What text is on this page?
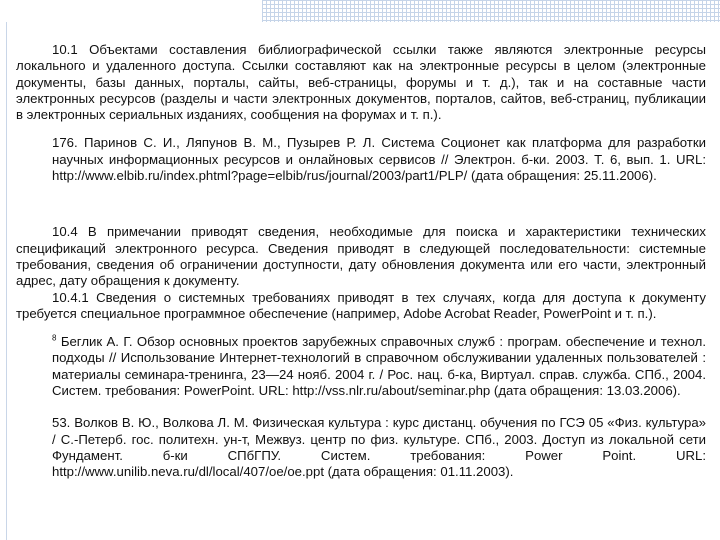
10.1 Объектами составления библиографической ссылки также являются электронные ресурсы локального и удаленного доступа. Ссылки составляют как на электронные ресурсы в целом (электронные документы, базы данных, порталы, сайты, веб-страницы, форумы и т. д.), так и на составные части электронных ресурсов (разделы и части электронных документов, порталов, сайтов, веб-страниц, публикации в электронных сериальных изданиях, сообщения на форумах и т. п.).

176. Паринов С. И., Ляпунов В. М., Пузырев Р. Л. Система Соционет как платформа для разработки научных информационных ресурсов и онлайновых сервисов // Электрон. б-ки. 2003. Т. 6, вып. 1. URL: http://www.elbib.ru/index.phtml?page=elbib/rus/journal/2003/part1/PLP/ (дата обращения: 25.11.2006).

10.4 В примечании приводят сведения, необходимые для поиска и характеристики технических спецификаций электронного ресурса. Сведения приводят в следующей последовательности: системные требования, сведения об ограничении доступности, дату обновления документа или его части, электронный адрес, дату обращения к документу.

10.4.1 Сведения о системных требованиях приводят в тех случаях, когда для доступа к документу требуется специальное программное обеспечение (например, Adobe Acrobat Reader, PowerPoint и т. п.).

$^8$ Беглик А. Г. Обзор основных проектов зарубежных справочных служб : програм. обеспечение и технол. подходы // Использование Интернет-технологий в справочном обслуживании удаленных пользователей : материалы семинара-тренинга, 23—24 нояб. 2004 г. / Рос. нац. б-ка, Виртуал. справ. служба. СПб., 2004. Систем. требования: PowerPoint. URL: http://vss.nlr.ru/about/seminar.php (дата обращения: 13.03.2006).

53. Волков В. Ю., Волкова Л. М. Физическая культура : курс дистанц. обучения по ГСЭ 05 «Физ. культура» / С.-Петерб. гос. политехн. ун-т, Межвуз. центр по физ. культуре. СПб., 2003. Доступ из локальной сети Фундамент. б-ки СПбГПУ. Систем. требования: Power Point. URL: http://www.unilib.neva.ru/dl/local/407/oe/oe.ppt (дата обращения: 01.11.2003).
